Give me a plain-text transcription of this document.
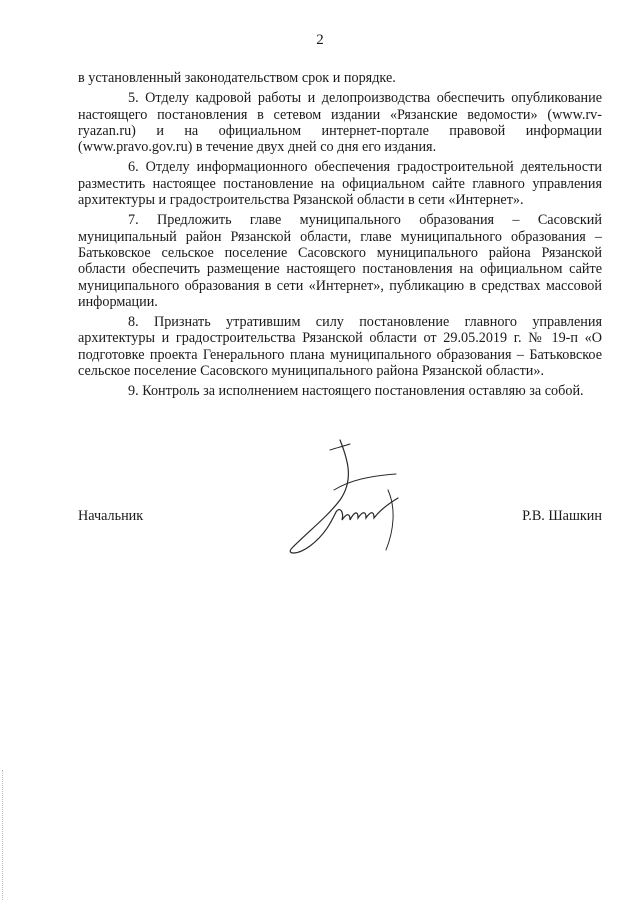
2

в установленный законодательством срок и порядке.

5. Отделу кадровой работы и делопроизводства обеспечить опубликование настоящего постановления в сетевом издании «Рязанские ведомости» (www.rv-ryazan.ru) и на официальном интернет-портале правовой информации (www.pravo.gov.ru) в течение двух дней со дня его издания.

6. Отделу информационного обеспечения градостроительной деятельности разместить настоящее постановление на официальном сайте главного управления архитектуры и градостроительства Рязанской области в сети «Интернет».

7. Предложить главе муниципального образования – Сасовский муниципальный район Рязанской области, главе муниципального образования – Батьковское сельское поселение Сасовского муниципального района Рязанской области обеспечить размещение настоящего постановления на официальном сайте муниципального образования в сети «Интернет», публикацию в средствах массовой информации.

8. Признать утратившим силу постановление главного управления архитектуры и градостроительства Рязанской области от 29.05.2019 г. № 19-п «О подготовке проекта Генерального плана муниципального образования – Батьковское сельское поселение Сасовского муниципального района Рязанской области».

9. Контроль за исполнением настоящего постановления оставляю за собой.

Начальник	Р.В. Шашкин
